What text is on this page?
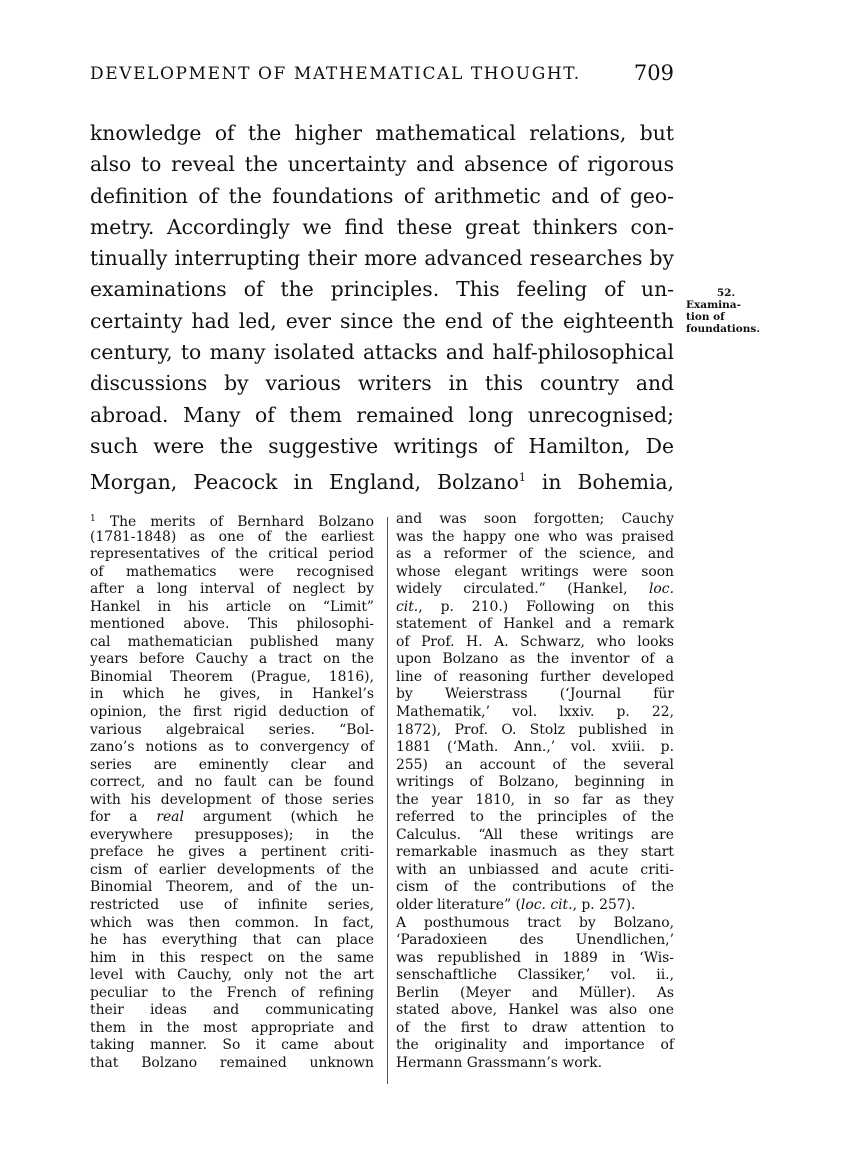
DEVELOPMENT OF MATHEMATICAL THOUGHT.	709
knowledge of the higher mathematical relations, but
also to reveal the uncertainty and absence of rigorous
definition of the foundations of arithmetic and of geo-
metry. Accordingly we find these great thinkers con-
tinually interrupting their more advanced researches by
examinations of the principles. This feeling of un-
certainty had led, ever since the end of the eighteenth
century, to many isolated attacks and half-philosophical
discussions by various writers in this country and
abroad. Many of them remained long unrecognised;
such were the suggestive writings of Hamilton, De
Morgan, Peacock in England, Bolzano$^1$ in Bohemia,
52.
Examina-
tion of
foundations.
$^1$ The merits of Bernhard Bolzano
(1781-1848) as one of the earliest
representatives of the critical period
of mathematics were recognised
after a long interval of neglect by
Hankel in his article on “Limit”
mentioned above. This philosophi-
cal mathematician published many
years before Cauchy a tract on the
Binomial Theorem (Prague, 1816),
in which he gives, in Hankel’s
opinion, the first rigid deduction of
various algebraical series. “Bol-
zano’s notions as to convergency of
series are eminently clear and
correct, and no fault can be found
with his development of those series
for a real argument (which he
everywhere presupposes); in the
preface he gives a pertinent criti-
cism of earlier developments of the
Binomial Theorem, and of the un-
restricted use of infinite series,
which was then common. In fact,
he has everything that can place
him in this respect on the same
level with Cauchy, only not the art
peculiar to the French of refining
their ideas and communicating
them in the most appropriate and
taking manner. So it came about
that Bolzano remained unknown
and was soon forgotten; Cauchy
was the happy one who was praised
as a reformer of the science, and
whose elegant writings were soon
widely circulated.” (Hankel, loc.
cit., p. 210.) Following on this
statement of Hankel and a remark
of Prof. H. A. Schwarz, who looks
upon Bolzano as the inventor of a
line of reasoning further developed
by Weierstrass (‘Journal für
Mathematik,’ vol. lxxiv. p. 22,
1872), Prof. O. Stolz published in
1881 (‘Math. Ann.,’ vol. xviii. p.
255) an account of the several
writings of Bolzano, beginning in
the year 1810, in so far as they
referred to the principles of the
Calculus. “All these writings are
remarkable inasmuch as they start
with an unbiassed and acute criti-
cism of the contributions of the
older literature” (loc. cit., p. 257).
A posthumous tract by Bolzano,
‘Paradoxieen des Unendlichen,’
was republished in 1889 in ‘Wis-
senschaftliche Classiker,’ vol. ii.,
Berlin (Meyer and Müller). As
stated above, Hankel was also one
of the first to draw attention to
the originality and importance of
Hermann Grassmann’s work.
